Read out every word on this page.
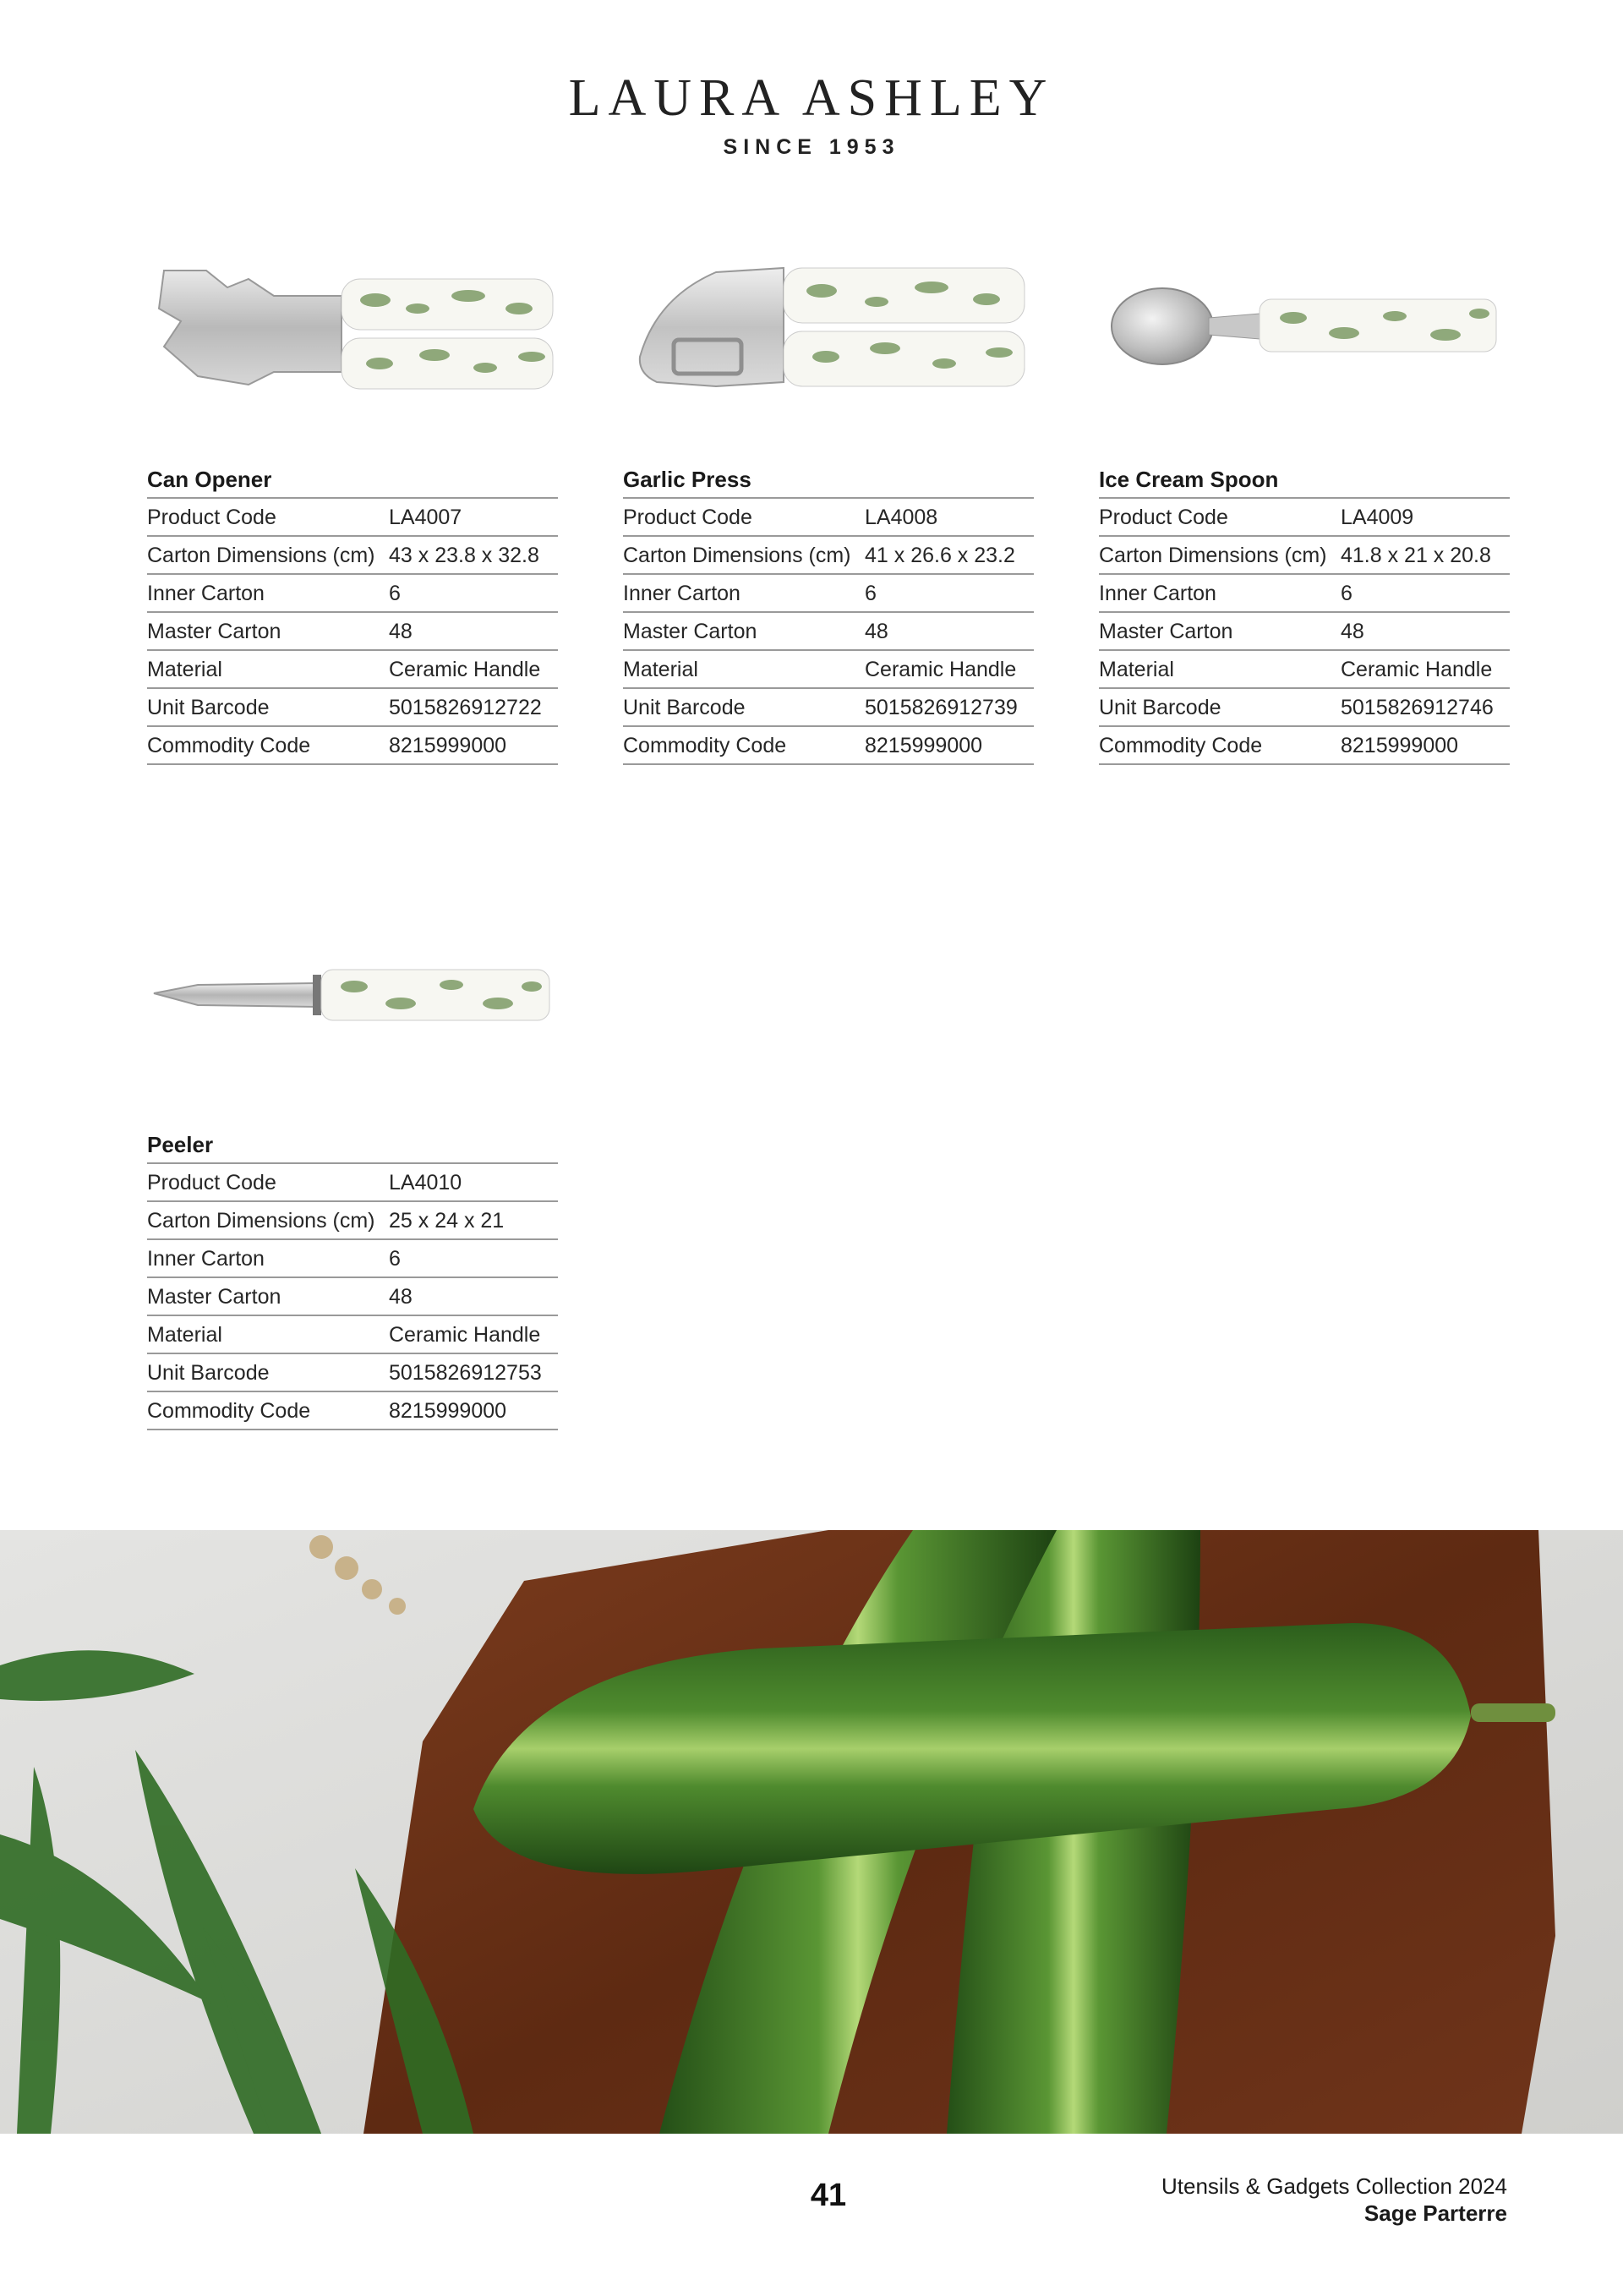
LAURA ASHLEY
SINCE 1953
Can Opener
Product Code	LA4007
Carton Dimensions (cm) 43 x 23.8 x 32.8
Inner Carton	6
Master Carton	48
Material	Ceramic Handle
Unit Barcode	5015826912722
Commodity Code	8215999000
Garlic Press
Product Code	LA4008
Carton Dimensions (cm) 41 x 26.6 x 23.2
Inner Carton	6
Master Carton	48
Material	Ceramic Handle
Unit Barcode	5015826912739
Commodity Code	8215999000
Ice Cream Spoon
Product Code	LA4009
Carton Dimensions (cm) 41.8 x 21 x 20.8
Inner Carton	6
Master Carton	48
Material	Ceramic Handle
Unit Barcode	5015826912746
Commodity Code	8215999000
Peeler
Product Code	LA4010
Carton Dimensions (cm) 25 x 24 x 21
Inner Carton	6
Master Carton	48
Material	Ceramic Handle
Unit Barcode	5015826912753
Commodity Code	8215999000
41	Utensils & Gadgets Collection 2024
Sage Parterre
